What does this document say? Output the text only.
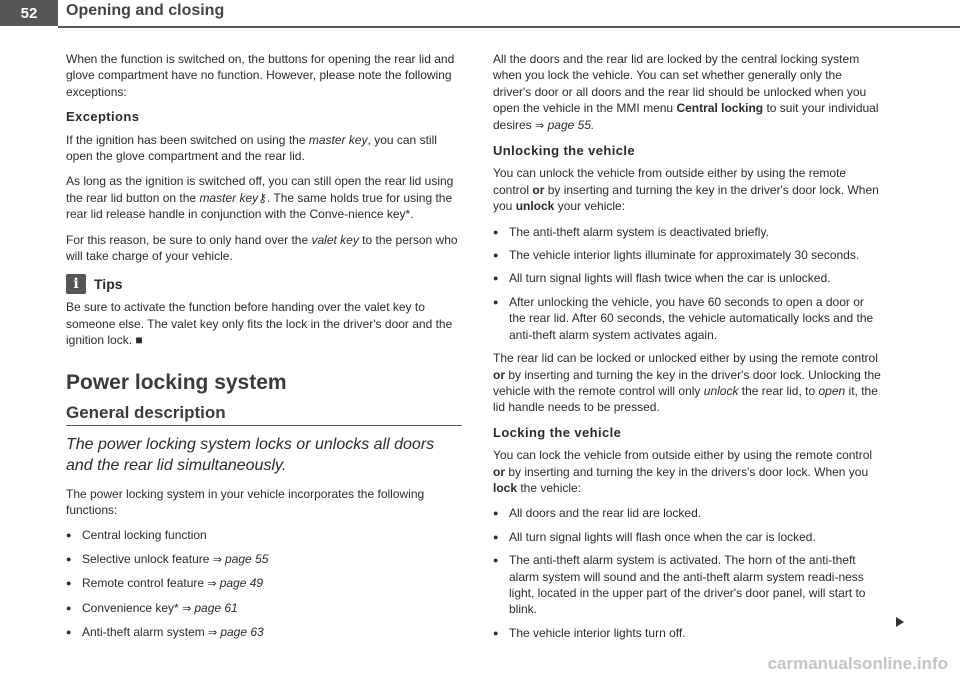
52	Opening and closing

When the function is switched on, the buttons for opening the rear lid and glove compartment have no function. However, please note the following exceptions:

Exceptions

If the ignition has been switched on using the master key, you can still open the glove compartment and the rear lid.

As long as the ignition is switched off, you can still open the rear lid using the rear lid button on the master key⚷. The same holds true for using the rear lid release handle in conjunction with the Conve-nience key*.

For this reason, be sure to only hand over the valet key to the person who will take charge of your vehicle.

i	Tips

Be sure to activate the function before handing over the valet key to someone else. The valet key only fits the lock in the driver's door and the ignition lock. ■

Power locking system
General description
The power locking system locks or unlocks all doors and the rear lid simultaneously.

The power locking system in your vehicle incorporates the following functions:

● Central locking function
● Selective unlock feature ⇒ page 55
● Remote control feature ⇒ page 49
● Convenience key* ⇒ page 61
● Anti-theft alarm system ⇒ page 63

All the doors and the rear lid are locked by the central locking system when you lock the vehicle. You can set whether generally only the driver's door or all doors and the rear lid should be unlocked when you open the vehicle in the MMI menu Central locking to suit your individual desires ⇒ page 55.

Unlocking the vehicle

You can unlock the vehicle from outside either by using the remote control or by inserting and turning the key in the driver's door lock. When you unlock your vehicle:

● The anti-theft alarm system is deactivated briefly.
● The vehicle interior lights illuminate for approximately 30 seconds.
● All turn signal lights will flash twice when the car is unlocked.
● After unlocking the vehicle, you have 60 seconds to open a door or the rear lid. After 60 seconds, the vehicle automatically locks and the anti-theft alarm system activates again.

The rear lid can be locked or unlocked either by using the remote control or by inserting and turning the key in the driver's door lock. Unlocking the vehicle with the remote control will only unlock the rear lid, to open it, the lid handle needs to be pressed.

Locking the vehicle

You can lock the vehicle from outside either by using the remote control or by inserting and turning the key in the drivers's door lock. When you lock the vehicle:

● All doors and the rear lid are locked.
● All turn signal lights will flash once when the car is locked.
● The anti-theft alarm system is activated. The horn of the anti-theft alarm system will sound and the anti-theft alarm system readi-ness light, located in the upper part of the driver's door panel, will start to blink.
● The vehicle interior lights turn off.
carmanualsonline.info
